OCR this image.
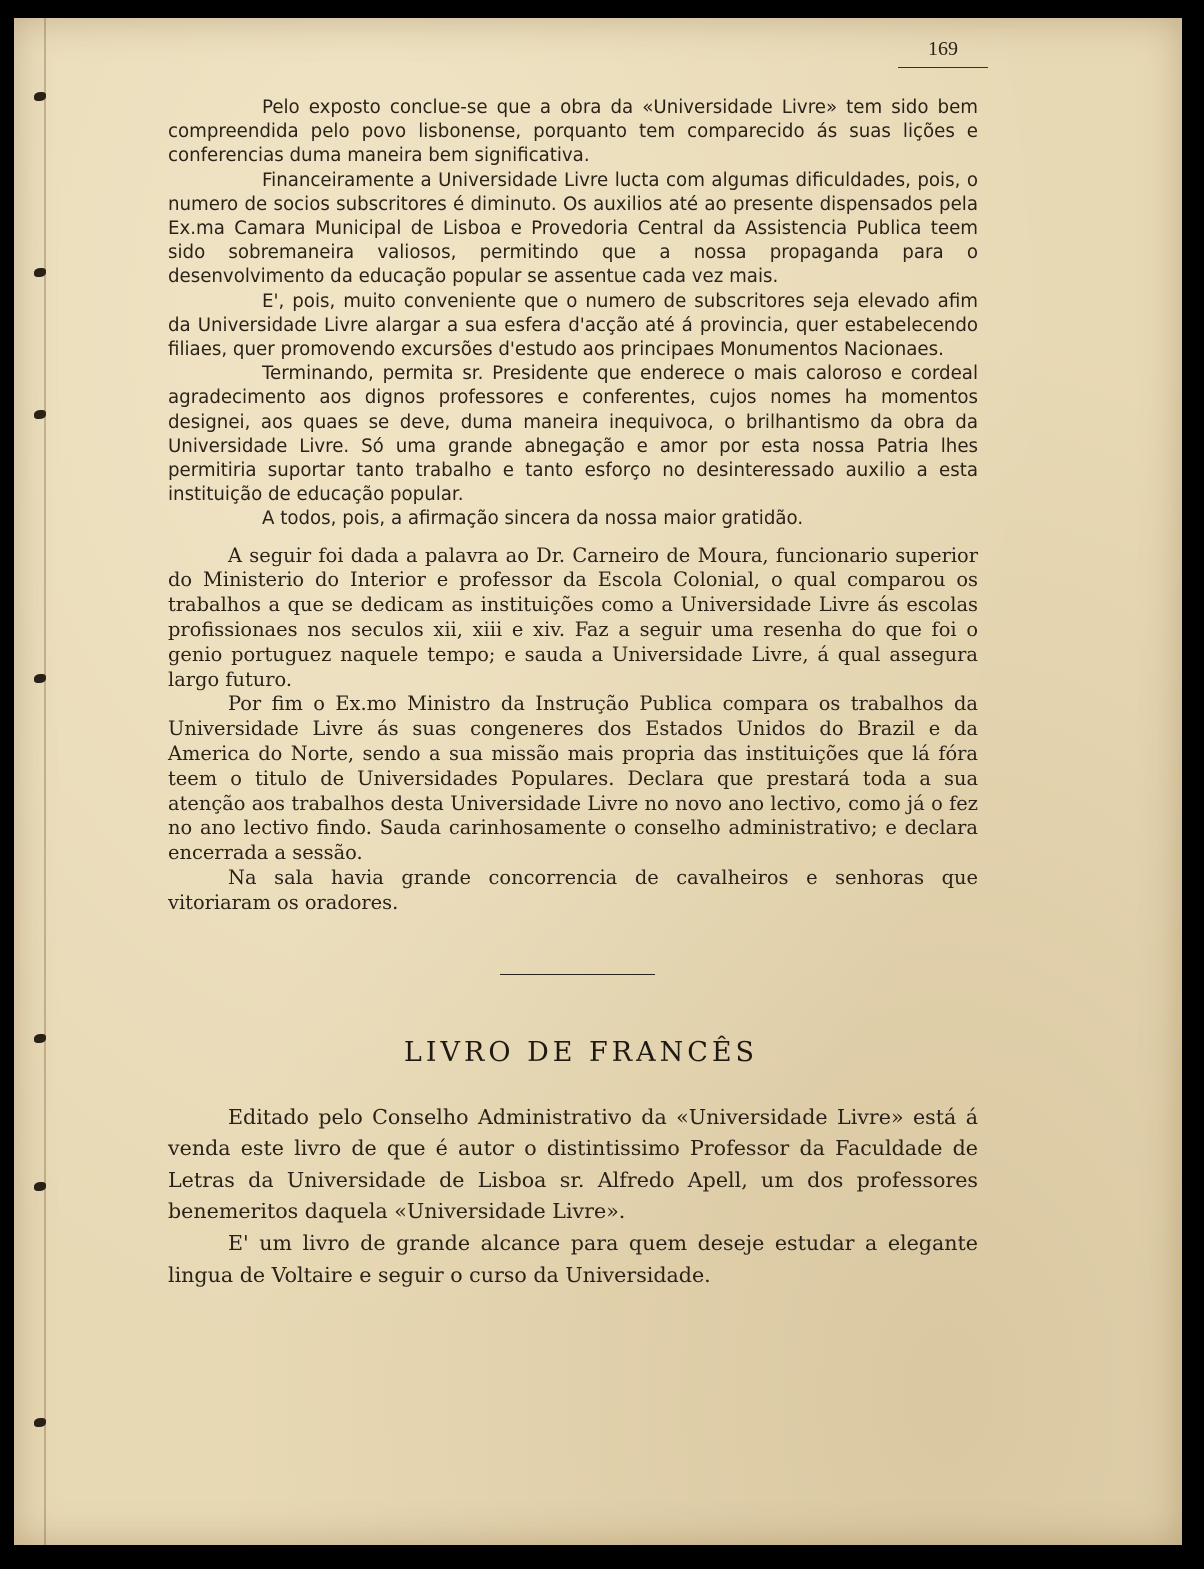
169

Pelo exposto conclue-se que a obra da «Universidade Livre» tem sido bem compreendida pelo povo lisbonense, porquanto tem comparecido ás suas lições e conferencias duma maneira bem significativa.

Financeiramente a Universidade Livre lucta com algumas dificuldades, pois, o numero de socios subscritores é diminuto. Os auxilios até ao presente dispensados pela Ex.ma Camara Municipal de Lisboa e Provedoria Central da Assistencia Publica teem sido sobremaneira valiosos, permitindo que a nossa propaganda para o desenvolvimento da educação popular se assentue cada vez mais.

E', pois, muito conveniente que o numero de subscritores seja elevado afim da Universidade Livre alargar a sua esfera d'acção até á provincia, quer estabelecendo filiaes, quer promovendo excursões d'estudo aos principaes Monumentos Nacionaes.

Terminando, permita sr. Presidente que enderece o mais caloroso e cordeal agradecimento aos dignos professores e conferentes, cujos nomes ha momentos designei, aos quaes se deve, duma maneira inequivoca, o brilhantismo da obra da Universidade Livre. Só uma grande abnegação e amor por esta nossa Patria lhes permitiria suportar tanto trabalho e tanto esforço no desinteressado auxilio a esta instituição de educação popular.

A todos, pois, a afirmação sincera da nossa maior gratidão.

A seguir foi dada a palavra ao Dr. Carneiro de Moura, funcionario superior do Ministerio do Interior e professor da Escola Colonial, o qual comparou os trabalhos a que se dedicam as instituições como a Universidade Livre ás escolas profissionaes nos seculos xii, xiii e xiv. Faz a seguir uma resenha do que foi o genio portuguez naquele tempo; e sauda a Universidade Livre, á qual assegura largo futuro.

Por fim o Ex.mo Ministro da Instrução Publica compara os trabalhos da Universidade Livre ás suas congeneres dos Estados Unidos do Brazil e da America do Norte, sendo a sua missão mais propria das instituições que lá fóra teem o titulo de Universidades Populares. Declara que prestará toda a sua atenção aos trabalhos desta Universidade Livre no novo ano lectivo, como já o fez no ano lectivo findo. Sauda carinhosamente o conselho administrativo; e declara encerrada a sessão.

Na sala havia grande concorrencia de cavalheiros e senhoras que vitoriaram os oradores.

LIVRO DE FRANCÊS

Editado pelo Conselho Administrativo da «Universidade Livre» está á venda este livro de que é autor o distintissimo Professor da Faculdade de Letras da Universidade de Lisboa sr. Alfredo Apell, um dos professores benemeritos daquela «Universidade Livre».

E' um livro de grande alcance para quem deseje estudar a elegante lingua de Voltaire e seguir o curso da Universidade.
